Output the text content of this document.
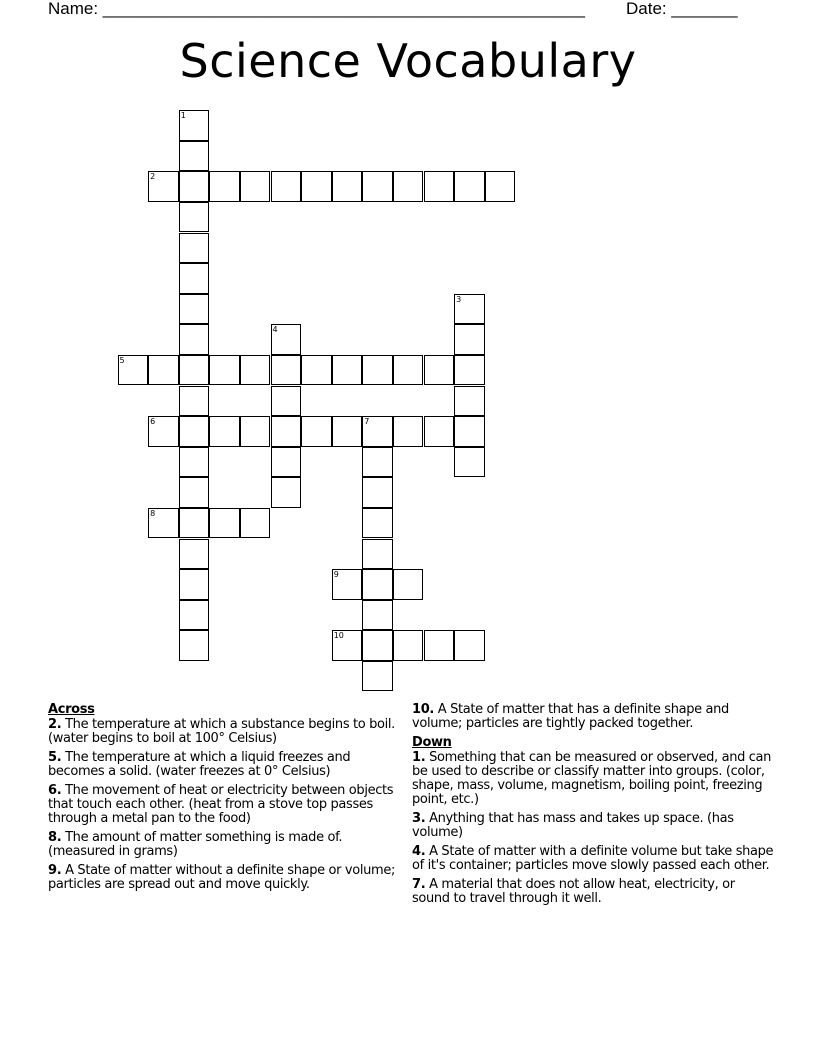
Name: ___________________________________________________ Date: _______
Science Vocabulary
1
2
3
4
5
6	7
8
9
10
Across
2. The temperature at which a substance begins to boil. (water begins to boil at 100° Celsius)
5. The temperature at which a liquid freezes and becomes a solid. (water freezes at 0° Celsius)
6. The movement of heat or electricity between objects that touch each other. (heat from a stove top passes through a metal pan to the food)
8. The amount of matter something is made of. (measured in grams)
9. A State of matter without a definite shape or volume; particles are spread out and move quickly.
10. A State of matter that has a definite shape and volume; particles are tightly packed together.
Down
1. Something that can be measured or observed, and can be used to describe or classify matter into groups. (color, shape, mass, volume, magnetism, boiling point, freezing point, etc.)
3. Anything that has mass and takes up space. (has volume)
4. A State of matter with a definite volume but take shape of it's container; particles move slowly passed each other.
7. A material that does not allow heat, electricity, or sound to travel through it well.
